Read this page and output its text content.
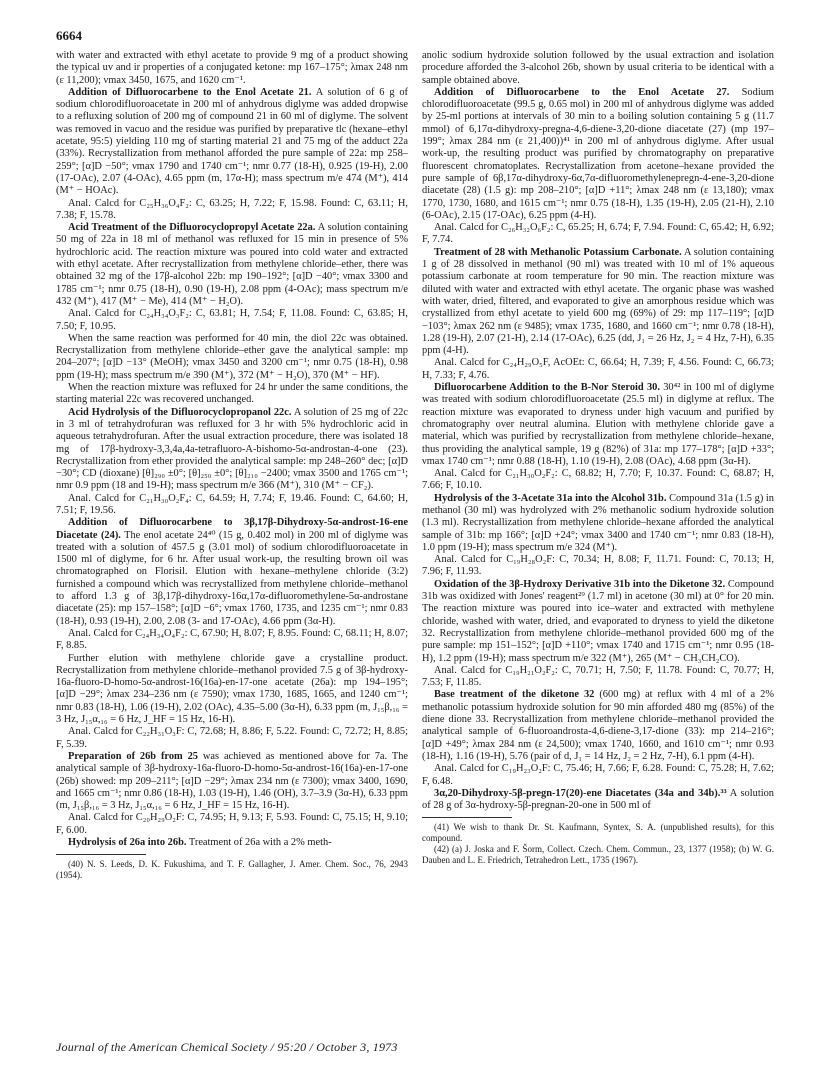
6664

with water and extracted with ethyl acetate to provide 9 mg of a product showing the typical uv and ir properties of a conjugated ketone: mp 167–175°; λmax 248 nm (ε 11,200); νmax 3450, 1675, and 1620 cm⁻¹.

Addition of Difluorocarbene to the Enol Acetate 21. A solution of 6 g of sodium chlorodifluoroacetate in 200 ml of anhydrous diglyme was added dropwise to a refluxing solution of 200 mg of compound 21 in 60 ml of diglyme. The solvent was removed in vacuo and the residue was purified by preparative tlc (hexane–ethyl acetate, 95:5) yielding 110 mg of starting material 21 and 75 mg of the adduct 22a (33%). Recrystallization from methanol afforded the pure sample of 22a: mp 258–259°; [α]D −50°; νmax 1790 and 1740 cm⁻¹; nmr 0.77 (18-H), 0.925 (19-H), 2.00 (17-OAc), 2.07 (4-OAc), 4.65 ppm (m, 17α-H); mass spectrum m/e 474 (M⁺), 414 (M⁺ − HOAc).

Anal. Calcd for C₂₅H₃₆O₄F₂: C, 63.25; H, 7.22; F, 15.98. Found: C, 63.11; H, 7.38; F, 15.78.

Acid Treatment of the Difluorocyclopropyl Acetate 22a. A solution containing 50 mg of 22a in 18 ml of methanol was refluxed for 15 min in presence of 5% hydrochloric acid. The reaction mixture was poured into cold water and extracted with ethyl acetate. After recrystallization from methylene chloride–ether, there was obtained 32 mg of the 17β-alcohol 22b: mp 190–192°; [α]D −40°; νmax 3300 and 1785 cm⁻¹; nmr 0.75 (18-H), 0.90 (19-H), 2.08 ppm (4-OAc); mass spectrum m/e 432 (M⁺), 417 (M⁺ − Me), 414 (M⁺ − H₂O).

Anal. Calcd for C₂₄H₃₄O₃F₂: C, 63.81; H, 7.54; F, 11.08. Found: C, 63.85; H, 7.50; F, 10.95.

When the same reaction was performed for 40 min, the diol 22c was obtained. Recrystallization from methylene chloride–ether gave the analytical sample: mp 204–207°; [α]D −13° (MeOH); νmax 3450 and 3200 cm⁻¹; nmr 0.75 (18-H), 0.98 ppm (19-H); mass spectrum m/e 390 (M⁺), 372 (M⁺ − H₂O), 370 (M⁺ − HF).

When the reaction mixture was refluxed for 24 hr under the same conditions, the starting material 22c was recovered unchanged.

Acid Hydrolysis of the Difluorocyclopropanol 22c. A solution of 25 mg of 22c in 3 ml of tetrahydrofuran was refluxed for 3 hr with 5% hydrochloric acid in aqueous tetrahydrofuran. After the usual extraction procedure, there was isolated 18 mg of 17β-hydroxy-3,3,4a,4a-tetrafluoro-A-bishomo-5α-androstan-4-one (23). Recrystallization from ether provided the analytical sample: mp 248–260° dec; [α]D −30°; CD (dioxane) [θ]₂₉₀ ±0°; [θ]₂₅₀ ±0°; [θ]₂₁₀ −2400; νmax 3500 and 1765 cm⁻¹; nmr 0.9 ppm (18 and 19-H); mass spectrum m/e 366 (M⁺), 310 (M⁺ − CF₂).

Anal. Calcd for C₂₁H₃₀O₂F₄: C, 64.59; H, 7.74; F, 19.46. Found: C, 64.60; H, 7.51; F, 19.56.

Addition of Difluorocarbene to 3β,17β-Dihydroxy-5α-androst-16-ene Diacetate (24). The enol acetate 24⁴⁰ (15 g, 0.402 mol) in 200 ml of diglyme was treated with a solution of 457.5 g (3.01 mol) of sodium chlorodifluoroacetate in 1500 ml of diglyme, for 6 hr. After usual work-up, the resulting brown oil was chromatographed on Florisil. Elution with hexane–methylene chloride (3:2) furnished a compound which was recrystallized from methylene chloride–methanol to afford 1.3 g of 3β,17β-dihydroxy-16α,17α-difluoromethylene-5α-androstane diacetate (25): mp 157–158°; [α]D −6°; νmax 1760, 1735, and 1235 cm⁻¹; nmr 0.83 (18-H), 0.93 (19-H), 2.00, 2.08 (3- and 17-OAc), 4.66 ppm (3α-H).

Anal. Calcd for C₂₄H₃₄O₄F₂: C, 67.90; H, 8.07; F, 8.95. Found: C, 68.11; H, 8.07; F, 8.85.

Further elution with methylene chloride gave a crystalline product. Recrystallization from methylene chloride–methanol provided 7.5 g of 3β-hydroxy-16a-fluoro-D-homo-5α-androst-16(16a)-en-17-one acetate (26a): mp 194–195°; [α]D −29°; λmax 234–236 nm (ε 7590); νmax 1730, 1685, 1665, and 1240 cm⁻¹; nmr 0.83 (18-H), 1.06 (19-H), 2.02 (OAc), 4.35–5.00 (3α-H), 6.33 ppm (m, J₁₅β,₁₆ = 3 Hz, J₁₅α,₁₆ = 6 Hz, J_HF = 15 Hz, 16-H).

Anal. Calcd for C₂₂H₃₁O₃F: C, 72.68; H, 8.86; F, 5.22. Found: C, 72.72; H, 8.85; F, 5.39.

Preparation of 26b from 25 was achieved as mentioned above for 7a. The analytical sample of 3β-hydroxy-16a-fluoro-D-homo-5α-androst-16(16a)-en-17-one (26b) showed: mp 209–211°; [α]D −29°; λmax 234 nm (ε 7300); νmax 3400, 1690, and 1665 cm⁻¹; nmr 0.86 (18-H), 1.03 (19-H), 1.46 (OH), 3.7–3.9 (3α-H), 6.33 ppm (m, J₁₅β,₁₆ = 3 Hz, J₁₅α,₁₆ = 6 Hz, J_HF = 15 Hz, 16-H).

Anal. Calcd for C₂₀H₂₉O₂F: C, 74.95; H, 9.13; F, 5.93. Found: C, 75.15; H, 9.10; F, 6.00.

Hydrolysis of 26a into 26b. Treatment of 26a with a 2% meth-

(40) N. S. Leeds, D. K. Fukushima, and T. F. Gallagher, J. Amer. Chem. Soc., 76, 2943 (1954).

anolic sodium hydroxide solution followed by the usual extraction and isolation procedure afforded the 3-alcohol 26b, shown by usual criteria to be identical with a sample obtained above.

Addition of Difluorocarbene to the Enol Acetate 27. Sodium chlorodifluoroacetate (99.5 g, 0.65 mol) in 200 ml of anhydrous diglyme was added by 25-ml portions at intervals of 30 min to a boiling solution containing 5 g (11.7 mmol) of 6,17α-dihydroxy-pregna-4,6-diene-3,20-dione diacetate (27) (mp 197–199°; λmax 284 nm (ε 21,400))⁴¹ in 200 ml of anhydrous diglyme. After usual work-up, the resulting product was purified by chromatography on preparative fluorescent chromatoplates. Recrystallization from acetone–hexane provided the pure sample of 6β,17α-dihydroxy-6α,7α-difluoromethylenepregn-4-ene-3,20-dione diacetate (28) (1.5 g): mp 208–210°; [α]D +11°; λmax 248 nm (ε 13,180); νmax 1770, 1730, 1680, and 1615 cm⁻¹; nmr 0.75 (18-H), 1.35 (19-H), 2.05 (21-H), 2.10 (6-OAc), 2.15 (17-OAc), 6.25 ppm (4-H).

Anal. Calcd for C₂₆H₃₂O₆F₂: C, 65.25; H, 6.74; F, 7.94. Found: C, 65.42; H, 6.92; F, 7.74.

Treatment of 28 with Methanolic Potassium Carbonate. A solution containing 1 g of 28 dissolved in methanol (90 ml) was treated with 10 ml of 1% aqueous potassium carbonate at room temperature for 90 min. The reaction mixture was diluted with water and extracted with ethyl acetate. The organic phase was washed with water, dried, filtered, and evaporated to give an amorphous residue which was crystallized from ethyl acetate to yield 600 mg (69%) of 29: mp 117–119°; [α]D −103°; λmax 262 nm (ε 9485); νmax 1735, 1680, and 1660 cm⁻¹; nmr 0.78 (18-H), 1.28 (19-H), 2.07 (21-H), 2.14 (17-OAc), 6.25 (dd, J₁ = 26 Hz, J₂ = 4 Hz, 7-H), 6.35 ppm (4-H).

Anal. Calcd for C₂₄H₂₉O₅F, AcOEt: C, 66.64; H, 7.39; F, 4.56. Found: C, 66.73; H, 7.33; F, 4.76.

Difluorocarbene Addition to the B-Nor Steroid 30. 30⁴² in 100 ml of diglyme was treated with sodium chlorodifluoroacetate (25.5 ml) in diglyme at reflux. The reaction mixture was evaporated to dryness under high vacuum and purified by chromatography over neutral alumina. Elution with methylene chloride gave a material, which was purified by recrystallization from methylene chloride–hexane, thus providing the analytical sample, 19 g (82%) of 31a: mp 177–178°; [α]D +33°; νmax 1740 cm⁻¹; nmr 0.88 (18-H), 1.10 (19-H), 2.08 (OAc), 4.68 ppm (3α-H).

Anal. Calcd for C₂₁H₃₀O₂F₂: C, 68.82; H, 7.70; F, 10.37. Found: C, 68.87; H, 7.66; F, 10.10.

Hydrolysis of the 3-Acetate 31a into the Alcohol 31b. Compound 31a (1.5 g) in methanol (30 ml) was hydrolyzed with 2% methanolic sodium hydroxide solution (1.3 ml). Recrystallization from methylene chloride–hexane afforded the analytical sample of 31b: mp 166°; [α]D +24°; νmax 3400 and 1740 cm⁻¹; nmr 0.83 (18-H), 1.0 ppm (19-H); mass spectrum m/e 324 (M⁺).

Anal. Calcd for C₁₉H₂₈O₂F: C, 70.34; H, 8.08; F, 11.71. Found: C, 70.13; H, 7.96; F, 11.93.

Oxidation of the 3β-Hydroxy Derivative 31b into the Diketone 32. Compound 31b was oxidized with Jones' reagent²⁹ (1.7 ml) in acetone (30 ml) at 0° for 20 min. The reaction mixture was poured into ice–water and extracted with methylene chloride, washed with water, dried, and evaporated to dryness to yield the diketone 32. Recrystallization from methylene chloride–methanol provided 600 mg of the pure sample: mp 151–152°; [α]D +110°; νmax 1740 and 1715 cm⁻¹; nmr 0.95 (18-H), 1.2 ppm (19-H); mass spectrum m/e 322 (M⁺), 265 (M⁺ − CH₃CH₂CO).

Anal. Calcd for C₁₉H₂₁O₂F₂: C, 70.71; H, 7.50; F, 11.78. Found: C, 70.77; H, 7.53; F, 11.85.

Base treatment of the diketone 32 (600 mg) at reflux with 4 ml of a 2% methanolic potassium hydroxide solution for 90 min afforded 480 mg (85%) of the diene dione 33. Recrystallization from methylene chloride–methanol provided the analytical sample of 6-fluoroandrosta-4,6-diene-3,17-dione (33): mp 214–216°; [α]D +49°; λmax 284 nm (ε 24,500); νmax 1740, 1660, and 1610 cm⁻¹; nmr 0.93 (18-H), 1.16 (19-H), 5.76 (pair of d, J₁ = 14 Hz, J₂ = 2 Hz, 7-H), 6.1 ppm (4-H).

Anal. Calcd for C₁₉H₂₃O₂F: C, 75.46; H, 7.66; F, 6.28. Found: C, 75.28; H, 7.62; F, 6.48.

3α,20-Dihydroxy-5β-pregn-17(20)-ene Diacetates (34a and 34b).³³ A solution of 28 g of 3α-hydroxy-5β-pregnan-20-one in 500 ml of

(41) We wish to thank Dr. St. Kaufmann, Syntex, S. A. (unpublished results), for this compound.

(42) (a) J. Joska and F. Šorm, Collect. Czech. Chem. Commun., 23, 1377 (1958); (b) W. G. Dauben and L. E. Friedrich, Tetrahedron Lett., 1735 (1967).

Journal of the American Chemical Society / 95:20 / October 3, 1973
